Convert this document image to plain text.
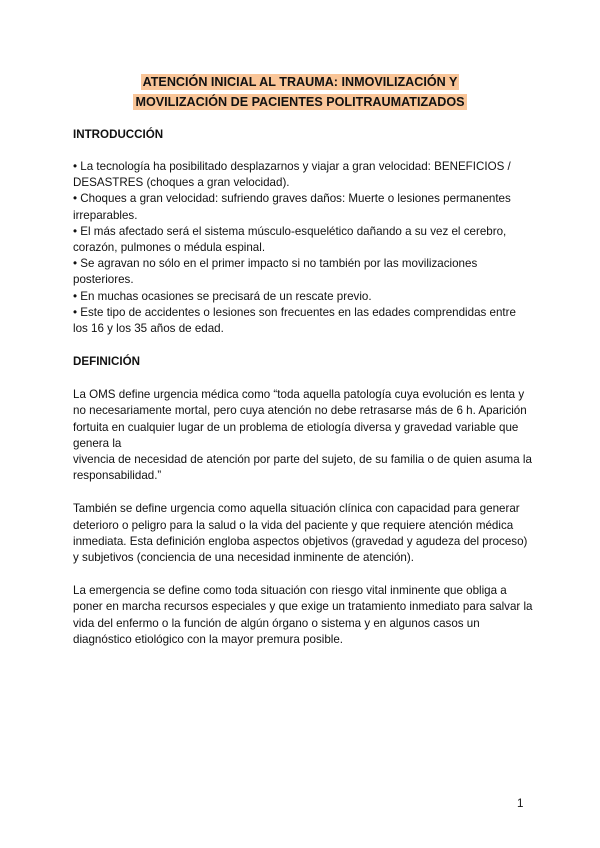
ATENCIÓN INICIAL AL TRAUMA: INMOVILIZACIÓN Y
MOVILIZACIÓN DE PACIENTES POLITRAUMATIZADOS
INTRODUCCIÓN
• La tecnología ha posibilitado desplazarnos y viajar a gran velocidad: BENEFICIOS / DESASTRES (choques a gran velocidad).
• Choques a gran velocidad: sufriendo graves daños: Muerte o lesiones permanentes irreparables.
• El más afectado será el sistema músculo-esquelético dañando a su vez el cerebro, corazón, pulmones o médula espinal.
• Se agravan no sólo en el primer impacto si no también por las movilizaciones posteriores.
• En muchas ocasiones se precisará de un rescate previo.
• Este tipo de accidentes o lesiones son frecuentes en las edades comprendidas entre los 16 y los 35 años de edad.
DEFINICIÓN

La OMS define urgencia médica como “toda aquella patología cuya evolución es lenta y no necesariamente mortal, pero cuya atención no debe retrasarse más de 6 h. Aparición fortuita en cualquier lugar de un problema de etiología diversa y gravedad variable que genera la

vivencia de necesidad de atención por parte del sujeto, de su familia o de quien asuma la responsabilidad.”

También se define urgencia como aquella situación clínica con capacidad para generar deterioro o peligro para la salud o la vida del paciente y que requiere atención médica inmediata. Esta definición engloba aspectos objetivos (gravedad y agudeza del proceso) y subjetivos (conciencia de una necesidad inminente de atención).

La emergencia se define como toda situación con riesgo vital inminente que obliga a poner en marcha recursos especiales y que exige un tratamiento inmediato para salvar la vida del enfermo o la función de algún órgano o sistema y en algunos casos un diagnóstico etiológico con la mayor premura posible.

1
